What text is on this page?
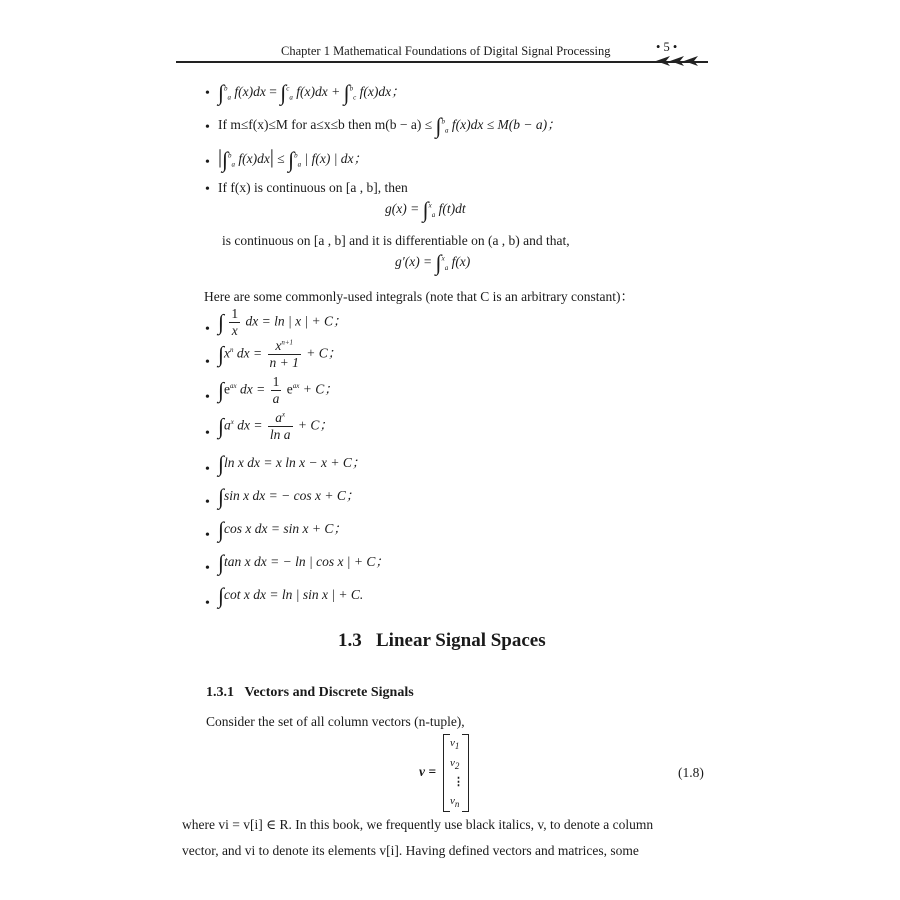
Chapter 1 Mathematical Foundations of Digital Signal Processing	• 5 •
• ∫$^b_a$ f(x)dx = ∫$^c_a$ f(x)dx + ∫$^b_c$ f(x)dx；
• If m≤f(x)≤M for a≤x≤b then m(b − a) ≤ ∫$^b_a$ f(x)dx ≤ M(b − a)；
• |∫$^b_a$ f(x)dx| ≤ ∫$^b_a$ | f(x) | dx；
• If f(x) is continuous on [a , b], then
g(x) = ∫$^x_a$ f(t)dt
is continuous on [a , b] and it is differentiable on (a , b) and that,
g′(x) = ∫$^x_a$ f(x)
Here are some commonly-used integrals (note that C is an arbitrary constant)：
• ∫ $\frac{1}{x}$ dx = ln | x | + C；
• $\int x^n$ dx = $\frac{x^{n+1}}{n + 1} + C$；
• $\int e^{ax}$ dx = $\frac{1}{a} e^{ax} + C$；
• $\int a^x$ dx = $\frac{a^x}{\text{ln a}} + C$；
• ∫ln x dx = x ln x − x + C；
• ∫sin x dx = − cos x + C；
• ∫cos x dx = sin x + C；
• ∫tan x dx = − ln | cos x | + C；
• ∫cot x dx = ln | sin x | + C.
1.3 Linear Signal Spaces
1.3.1 Vectors and Discrete Signals
Consider the set of all column vectors (n-tuple),
v =
$v_1$
$v_2$
⋮
$v_n$
(1.8)
where vi = v[i] ∈ R. In this book, we frequently use black italics, v, to denote a column
vector, and vi to denote its elements v[i]. Having defined vectors and matrices, some
